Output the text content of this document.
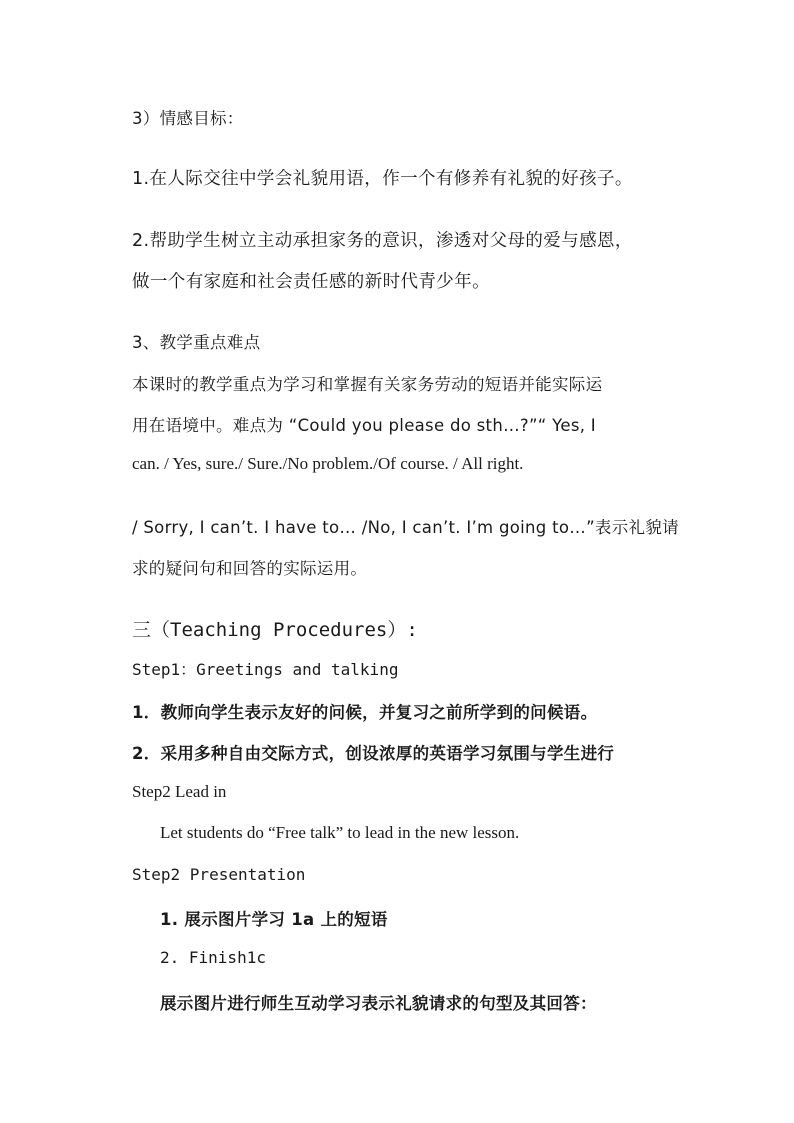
3）情感目标：
1.在人际交往中学会礼貌用语，作一个有修养有礼貌的好孩子。
2.帮助学生树立主动承担家务的意识，渗透对父母的爱与感恩，
做一个有家庭和社会责任感的新时代青少年。
3、教学重点难点
本课时的教学重点为学习和掌握有关家务劳动的短语并能实际运
用在语境中。难点为 “Could you please do sth…?”“ Yes, I
can. / Yes, sure./ Sure./No problem./Of course. / All right.
/ Sorry, I can’t. I have to… /No, I can’t. I’m going to…”表示礼貌请
求的疑问句和回答的实际运用。
三（Teaching Procedures）:
Step1：Greetings and talking
1．教师向学生表示友好的问候，并复习之前所学到的问候语。
2．采用多种自由交际方式，创设浓厚的英语学习氛围与学生进行
Step2 Lead in
Let students do “Free talk” to lead in the new lesson.
Step2 Presentation
1. 展示图片学习 1a 上的短语
2. Finish1c
展示图片进行师生互动学习表示礼貌请求的句型及其回答：
